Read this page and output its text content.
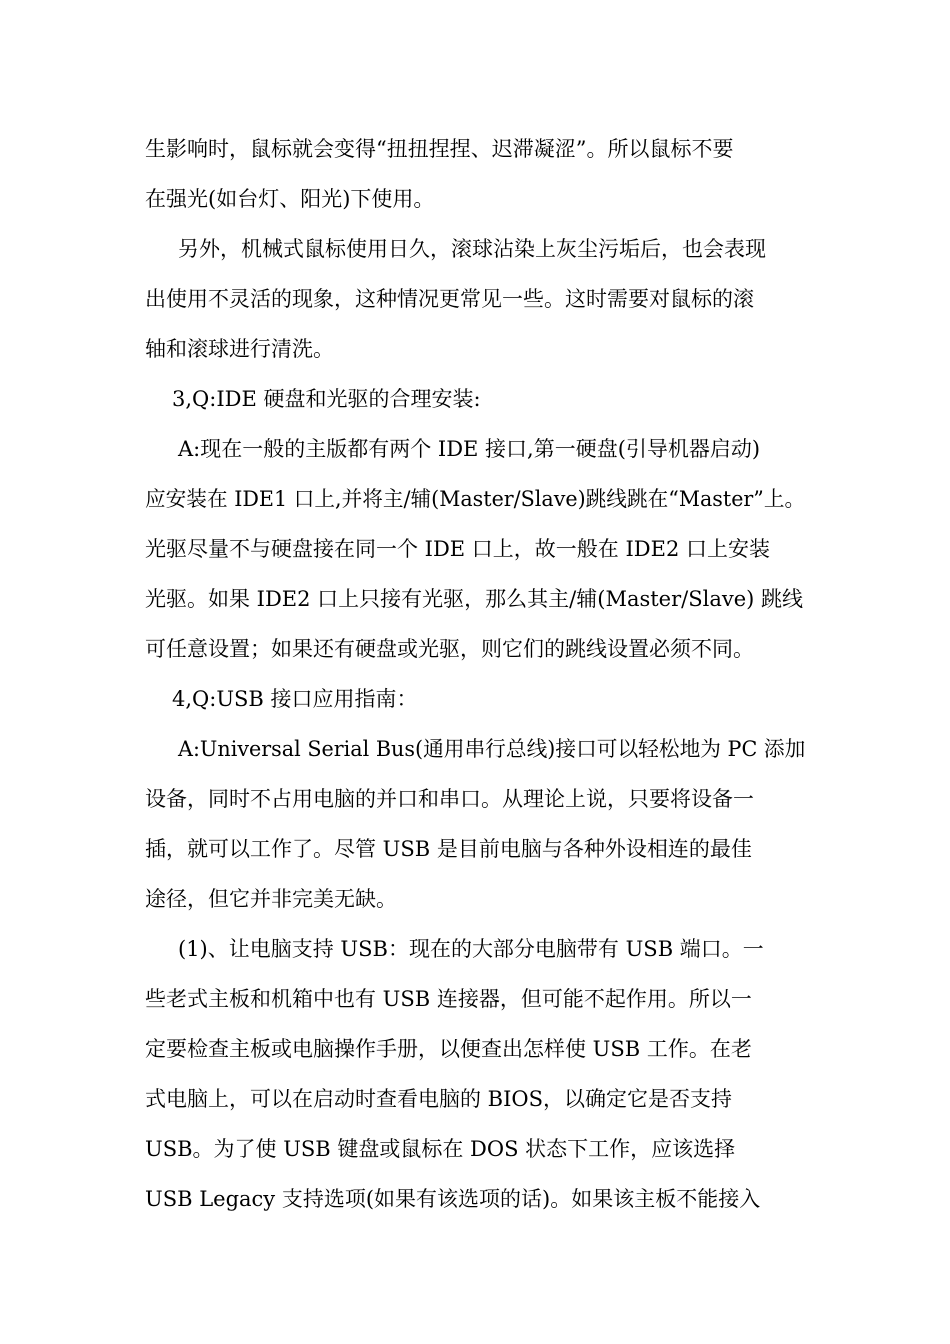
生影响时，鼠标就会变得“扭扭捏捏、迟滞凝涩”。所以鼠标不要
在强光(如台灯、阳光)下使用。
另外，机械式鼠标使用日久，滚球沾染上灰尘污垢后，也会表现
出使用不灵活的现象，这种情况更常见一些。这时需要对鼠标的滚
轴和滚球进行清洗。
3,Q:IDE 硬盘和光驱的合理安装:
A:现在一般的主版都有两个 IDE 接口,第一硬盘(引导机器启动)
应安装在 IDE1 口上,并将主/辅(Master/Slave)跳线跳在“Master”上。
光驱尽量不与硬盘接在同一个 IDE 口上，故一般在 IDE2 口上安装
光驱。如果 IDE2 口上只接有光驱，那么其主/辅(Master/Slave) 跳线
可任意设置；如果还有硬盘或光驱，则它们的跳线设置必须不同。
4,Q:USB 接口应用指南：
A:Universal Serial Bus(通用串行总线)接口可以轻松地为 PC 添加
设备，同时不占用电脑的并口和串口。从理论上说，只要将设备一
插，就可以工作了。尽管 USB 是目前电脑与各种外设相连的最佳
途径，但它并非完美无缺。
(1)、让电脑支持 USB：现在的大部分电脑带有 USB 端口。一
些老式主板和机箱中也有 USB 连接器，但可能不起作用。所以一
定要检查主板或电脑操作手册，以便查出怎样使 USB 工作。在老
式电脑上，可以在启动时查看电脑的 BIOS，以确定它是否支持
USB。为了使 USB 键盘或鼠标在 DOS 状态下工作，应该选择
USB Legacy 支持选项(如果有该选项的话)。如果该主板不能接入
